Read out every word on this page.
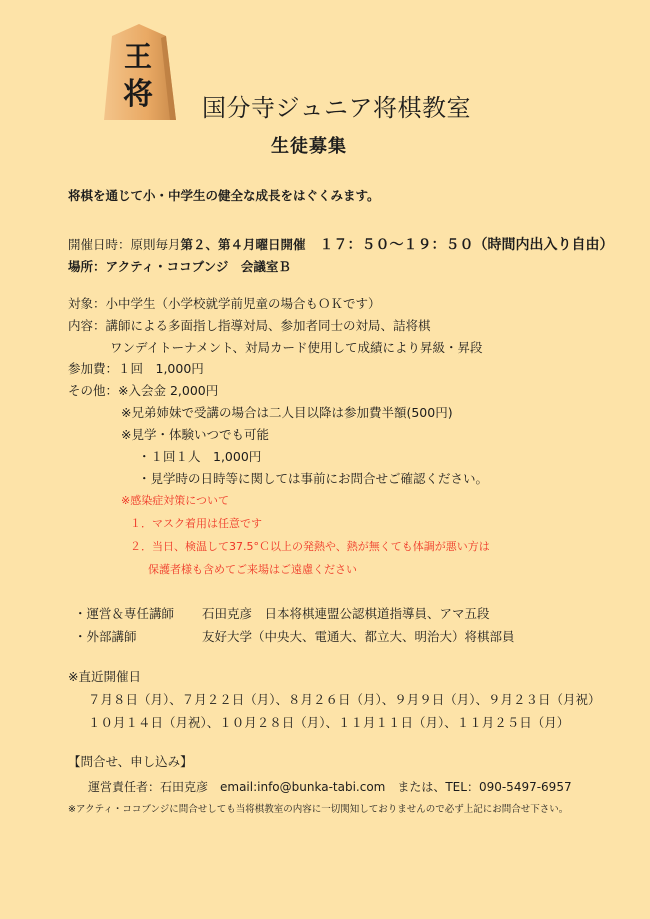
王
将 国分寺ジュニア将棋教室
生徒募集
将棋を通じて小・中学生の健全な成長をはぐくみます。
開催日時：原則毎月第２、第４月曜日開催　１７：５０～１９：５０（時間内出入り自由）
場所：アクティ・ココブンジ　会議室Ｂ
対象：小中学生（小学校就学前児童の場合もＯＫです）
内容：講師による多面指し指導対局、参加者同士の対局、詰将棋
ワンデイトーナメント、対局カード使用して成績により昇級・昇段
参加費：１回　1,000円
その他：※入会金 2,000円
※兄弟姉妹で受講の場合は二人目以降は参加費半額(500円)
※見学・体験いつでも可能
・１回１人　1,000円
・見学時の日時等に関しては事前にお問合せご確認ください。
※感染症対策について
１．マスク着用は任意です
２．当日、検温して37.5°Ｃ以上の発熱や、熱が無くても体調が悪い方は
保護者様も含めてご来場はご遠慮ください
・運営＆専任講師 石田克彦　日本将棋連盟公認棋道指導員、アマ五段
・外部講師	友好大学（中央大、電通大、都立大、明治大）将棋部員
※直近開催日
７月８日（月）、７月２２日（月）、８月２６日（月）、９月９日（月）、９月２３日（月祝）
１０月１４日（月祝）、１０月２８日（月）、１１月１１日（月）、１１月２５日（月）
【問合せ、申し込み】
運営責任者：石田克彦　email:info@bunka-tabi.com　または、TEL：090-5497-6957
※アクティ・ココブンジに問合せしても当将棋教室の内容に一切関知しておりませんので必ず上記にお問合せ下さい。
